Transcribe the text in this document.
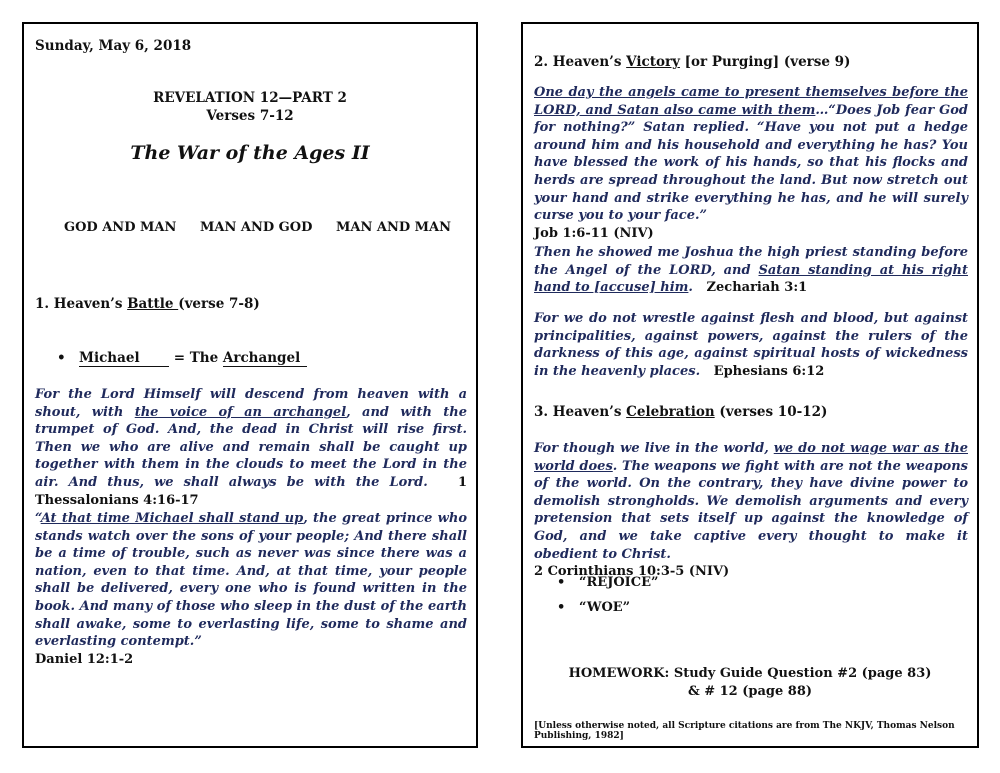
Sunday, May 6, 2018

REVELATION 12—PART 2

Verses 7-12

The War of the Ages II

GOD AND MAN MAN AND GOD MAN AND MAN

1. Heaven’s Battle (verse 7-8)

• Michael = The Archangel

For the Lord Himself will descend from heaven with a shout, with the voice of an archangel, and with the trumpet of God. And, the dead in Christ will rise first. Then we who are alive and remain shall be caught up together with them in the clouds to meet the Lord in the air. And thus, we shall always be with the Lord. 1 Thessalonians 4:16-17

“At that time Michael shall stand up, the great prince who stands watch over the sons of your people; And there shall be a time of trouble, such as never was since there was a nation, even to that time. And, at that time, your people shall be delivered, every one who is found written in the book. And many of those who sleep in the dust of the earth shall awake, some to everlasting life, some to shame and everlasting contempt.”
Daniel 12:1-2

2. Heaven’s Victory [or Purging] (verse 9)

One day the angels came to present themselves before the LORD, and Satan also came with them…“Does Job fear God for nothing?” Satan replied. “Have you not put a hedge around him and his household and everything he has? You have blessed the work of his hands, so that his flocks and herds are spread throughout the land. But now stretch out your hand and strike everything he has, and he will surely curse you to your face.”
Job 1:6-11 (NIV)

Then he showed me Joshua the high priest standing before the Angel of the LORD, and Satan standing at his right hand to [accuse] him. Zechariah 3:1

For we do not wrestle against flesh and blood, but against principalities, against powers, against the rulers of the darkness of this age, against spiritual hosts of wickedness in the heavenly places. Ephesians 6:12

3. Heaven’s Celebration (verses 10-12)

For though we live in the world, we do not wage war as the world does. The weapons we fight with are not the weapons of the world. On the contrary, they have divine power to demolish strongholds. We demolish arguments and every pretension that sets itself up against the knowledge of God, and we take captive every thought to make it obedient to Christ.
2 Corinthians 10:3-5 (NIV)

• “REJOICE”

• “WOE”

HOMEWORK: Study Guide Question #2 (page 83)

& # 12 (page 88)

[Unless otherwise noted, all Scripture citations are from The NKJV, Thomas Nelson Publishing, 1982]
